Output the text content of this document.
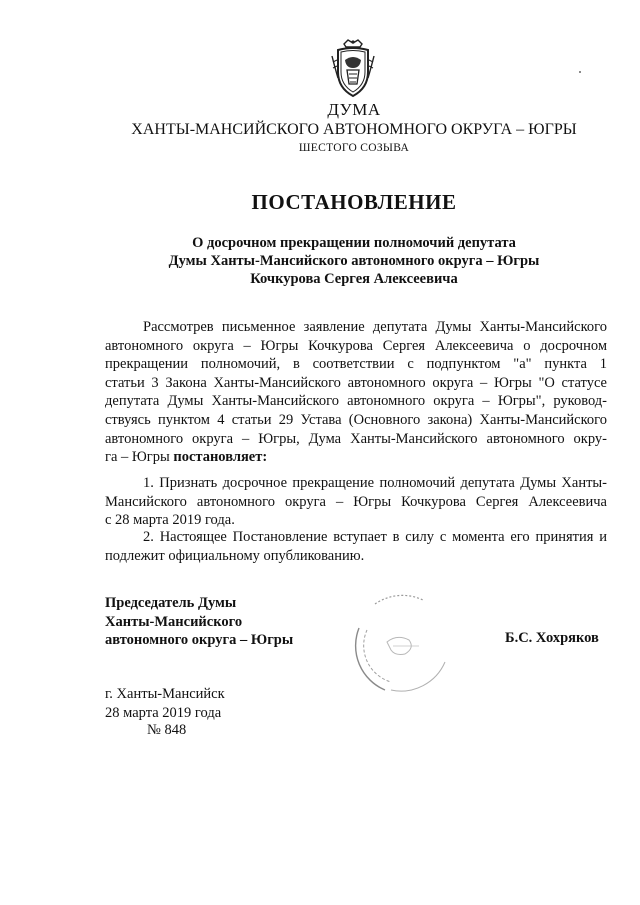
ДУМА
ХАНТЫ-МАНСИЙСКОГО АВТОНОМНОГО ОКРУГА – ЮГРЫ
ШЕСТОГО СОЗЫВА
ПОСТАНОВЛЕНИЕ
О досрочном прекращении полномочий депутата
Думы Ханты-Мансийского автономного округа – Югры
Кочкурова Сергея Алексеевича
Рассмотрев письменное заявление депутата Думы Ханты-Мансийского
автономного округа – Югры Кочкурова Сергея Алексеевича о досрочном
прекращении полномочий, в соответствии с подпунктом "а" пункта 1
статьи 3 Закона Ханты-Мансийского автономного округа – Югры "О статусе
депутата Думы Ханты-Мансийского автономного округа – Югры", руковод-
ствуясь пунктом 4 статьи 29 Устава (Основного закона) Ханты-Мансийского
автономного округа – Югры, Дума Ханты-Мансийского автономного окру-
га – Югры постановляет:
1. Признать досрочное прекращение полномочий депутата Думы Ханты-
Мансийского автономного округа – Югры Кочкурова Сергея Алексеевича
с 28 марта 2019 года.
2. Настоящее Постановление вступает в силу с момента его принятия и
подлежит официальному опубликованию.
Председатель Думы
Ханты-Мансийского
автономного округа – Югры	Б.С. Хохряков
г. Ханты-Мансийск
28 марта 2019 года
№ 848
